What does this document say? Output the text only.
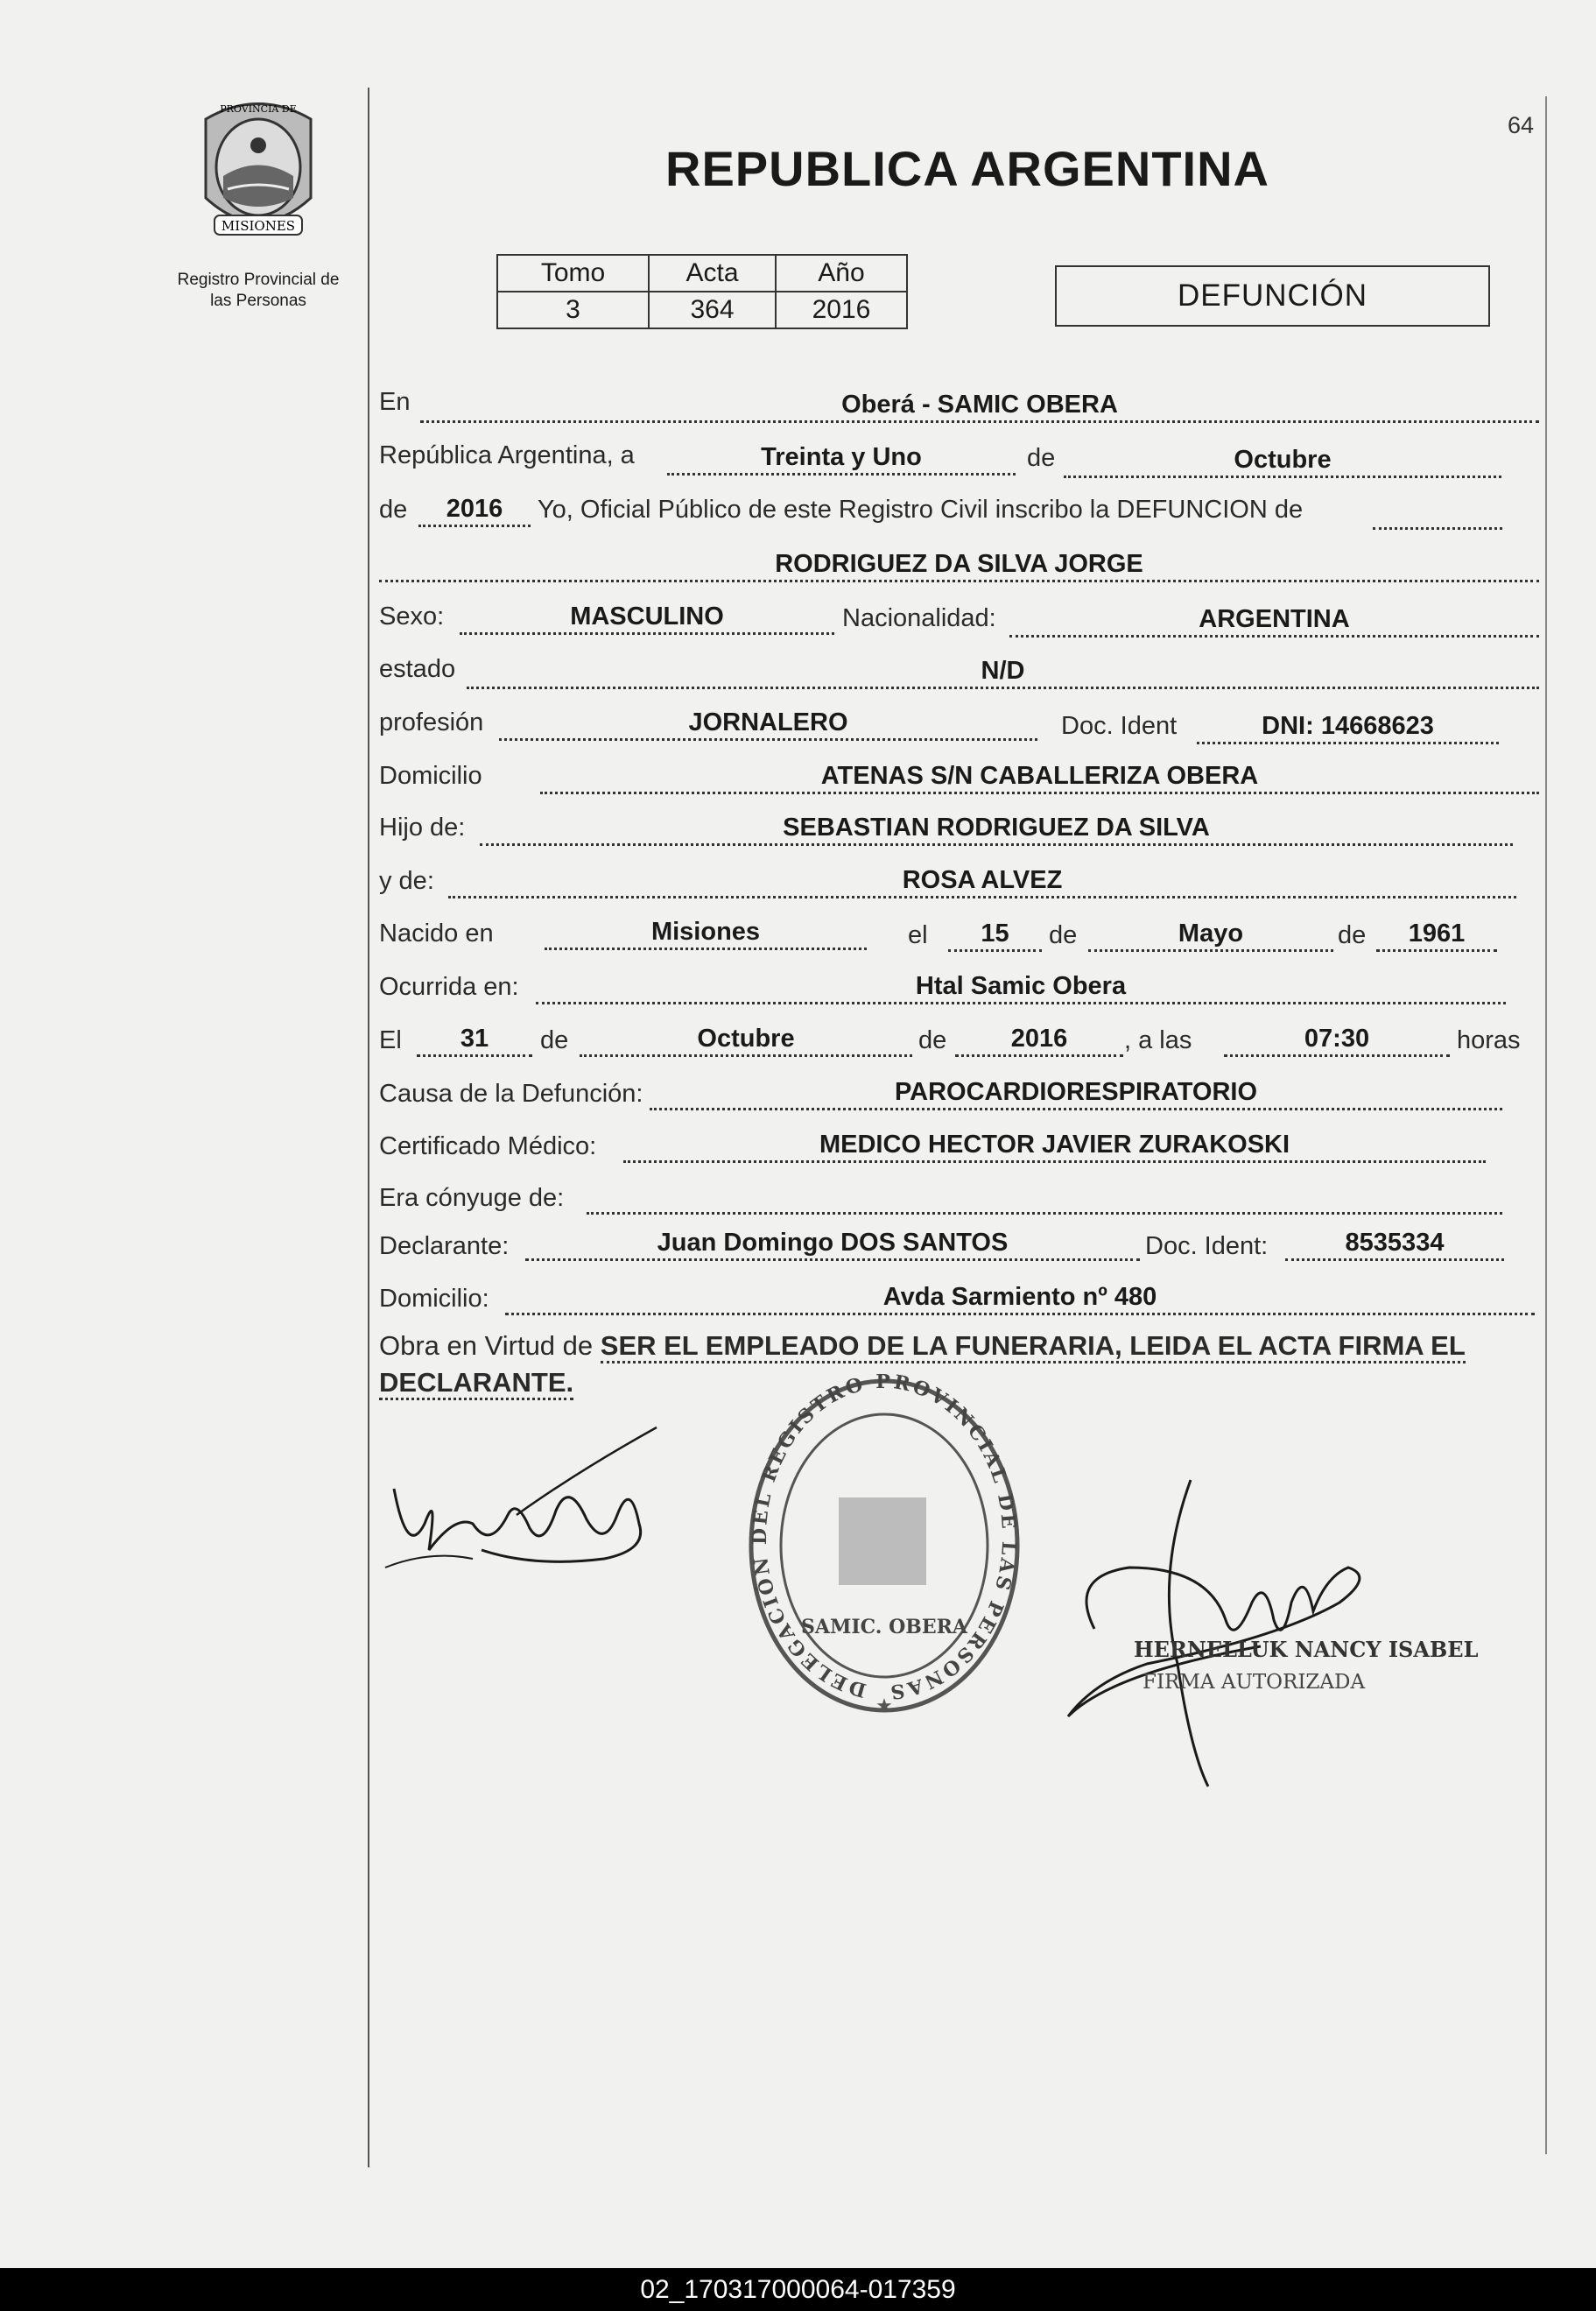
MISIONES
PROVINCIA DE
Registro Provincial de
las Personas
64
REPUBLICA ARGENTINA
Tomo	Acta	Año
3	364	2016	DEFUNCIÓN
En	Oberá - SAMIC OBERA
República Argentina, a	Treinta y Uno	de	Octubre
de	2016	Yo, Oficial Público de este Registro Civil inscribo la DEFUNCION de
RODRIGUEZ DA SILVA JORGE
Sexo:	MASCULINO	Nacionalidad:	ARGENTINA
estado	N/D
profesión	JORNALERO	Doc. Ident	DNI: 14668623
Domicilio	ATENAS S/N CABALLERIZA OBERA
Hijo de:	SEBASTIAN RODRIGUEZ DA SILVA
y de:	ROSA ALVEZ
Nacido en	Misiones	el	15	de	Mayo	de	1961
Ocurrida en:	Htal Samic Obera
El	31	de	Octubre	de	2016	, a las	07:30	horas
Causa de la Defunción:	PAROCARDIORESPIRATORIO
Certificado Médico:	MEDICO HECTOR JAVIER ZURAKOSKI
Era cónyuge de:
Declarante:	Juan Domingo DOS SANTOS	Doc. Ident:	8535334
Domicilio:	Avda Sarmiento nº 480
Obra en Virtud de SER EL EMPLEADO DE LA FUNERARIA, LEIDA EL ACTA FIRMA EL DECLARANTE.
DELEGACIÓN DEL REGISTRO PROVINCIAL DE LAS PERSONAS
SAMIC. OBERA
★
HERNELLUK NANCY ISABEL
FIRMA AUTORIZADA
02_170317000064-017359
